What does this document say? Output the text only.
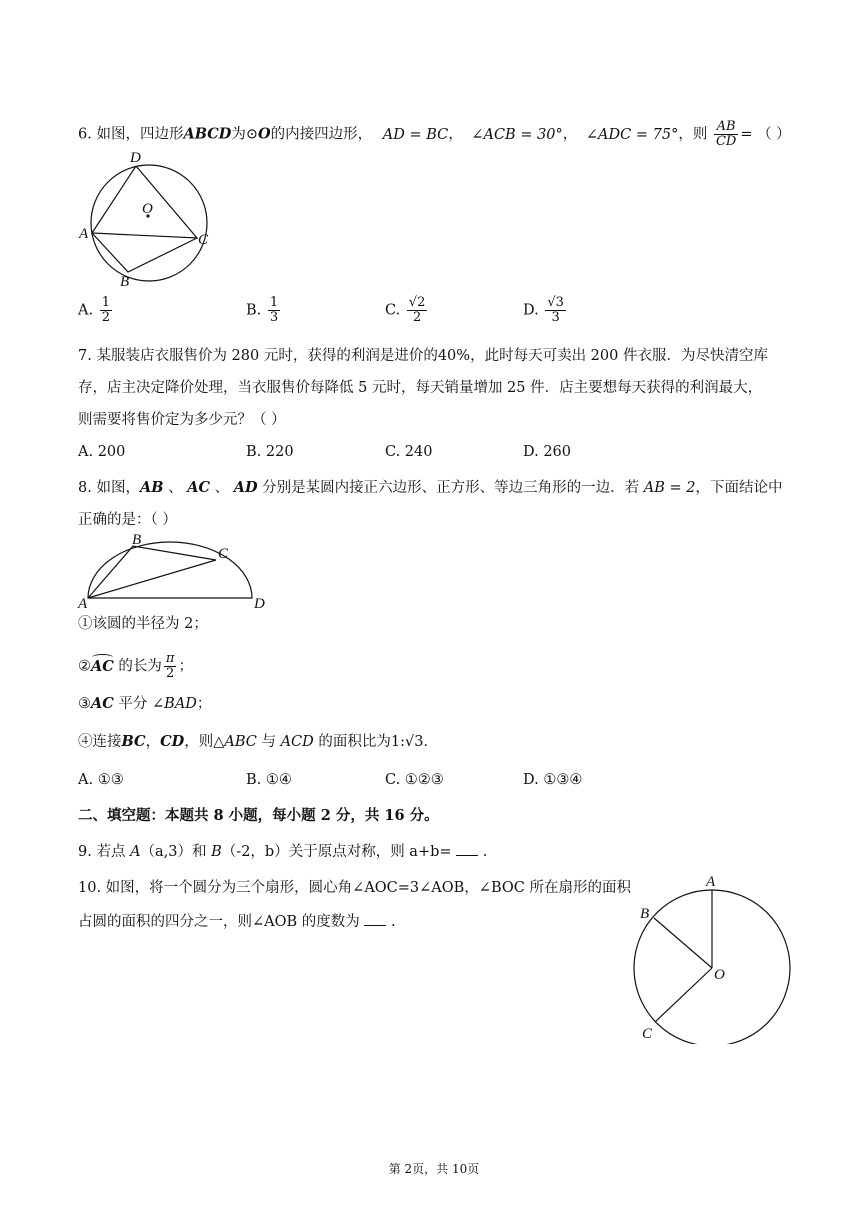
6. 如图，四边形ABCD为⊙O的内接四边形， AD = BC， ∠ACB = 30°， ∠ADC = 75°，则 $\frac{AB}{CD}$ = （ ）
D
O
A	C
B
A. $\frac{1}{2}$	B. $\frac{1}{3}$	C. $\frac{√2}{2}$	D. $\frac{√3}{3}$
7. 某服装店衣服售价为 280 元时，获得的利润是进价的40%，此时每天可卖出 200 件衣服．为尽快清空库
存，店主决定降价处理，当衣服售价每降低 5 元时，每天销量增加 25 件．店主要想每天获得的利润最大，
则需要将售价定为多少元？（ ）
A. 200	B. 220	C. 240	D. 260
8. 如图，AB 、 AC 、 AD 分别是某圆内接正六边形、正方形、等边三角形的一边．若 AB = 2，下面结论中
正确的是：（ ）
B
C
A	D
①该圆的半径为 2；
②
AC 的长为 $\frac{\pi}{2}$ ；
③AC 平分 ∠BAD；
④连接BC，CD，则△ABC 与 ACD 的面积比为1:√3．
A. ①③	B. ①④	C. ①②③	D. ①③④
二、填空题：本题共 8 小题，每小题 2 分，共 16 分。
9. 若点 A（a,3）和 B（-2，b）关于原点对称，则 a+b=  .
10. 如图，将一个圆分为三个扇形，圆心角∠AOC=3∠AOB，∠BOC 所在扇形的面积
占圆的面积的四分之一，则∠AOB 的度数为  .
A
B
O
C
第 2页，共 10页
